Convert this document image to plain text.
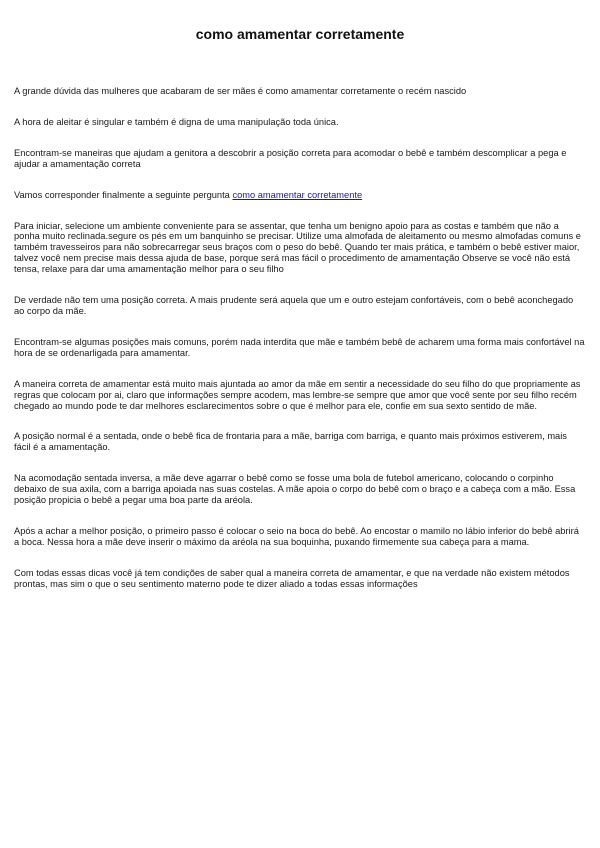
como amamentar corretamente

A grande dúvida das mulheres que acabaram de ser mães é como amamentar corretamente o recém nascido

A hora de aleitar é singular e também é digna de uma manipulação toda única.

Encontram-se maneiras que ajudam a genitora a descobrir a posição correta para acomodar o bebê e também descomplicar a pega e ajudar a amamentação correta

Vamos corresponder finalmente a seguinte pergunta como amamentar corretamente

Para iniciar, selecione um ambiente conveniente para se assentar, que tenha um benigno apoio para as costas e também que não a ponha muito reclinada.segure os pés em um banquinho se precisar. Utilize uma almofada de aleitamento ou mesmo almofadas comuns e também travesseiros para não sobrecarregar seus braços com o peso do bebê. Quando ter mais prática, e também o bebê estiver maior, talvez você nem precise mais dessa ajuda de base, porque será mas fácil o procedimento de amamentação Observe se você não está tensa, relaxe para dar uma amamentação melhor para o seu filho

De verdade não tem uma posição correta. A mais prudente será aquela que um e outro estejam confortáveis, com o bebê aconchegado ao corpo da mãe.

Encontram-se algumas posições mais comuns, porém nada interdita que mãe e também bebê de acharem uma forma mais confortável na hora de se ordenarligada para amamentar.

A maneira correta de amamentar está muito mais ajuntada ao amor da mãe em sentir a necessidade do seu filho do que propriamente as regras que colocam por ai, claro que informações sempre acodem, mas lembre-se sempre que amor que você sente por seu filho recém chegado ao mundo pode te dar melhores esclarecimentos sobre o que é melhor para ele, confie em sua sexto sentido de mãe.

A posição normal é a sentada, onde o bebê fica de frontaria para a mãe, barriga com barriga, e quanto mais próximos estiverem, mais fácil é a amamentação.

Na acomodação sentada inversa, a mãe deve agarrar o bebê como se fosse uma bola de futebol americano, colocando o corpinho debaixo de sua axila, com a barriga apoiada nas suas costelas. A mãe apoia o corpo do bebê com o braço e a cabeça com a mão. Essa posição propicia o bebê a pegar uma boa parte da aréola.

Após a achar a melhor posição, o primeiro passo é colocar o seio na boca do bebê. Ao encostar o mamilo no lábio inferior do bebê abrirá a boca. Nessa hora a mãe deve inserir o máximo da aréola na sua boquinha, puxando firmemente sua cabeça para a mama.

Com todas essas dicas você já tem condições de saber qual a maneira correta de amamentar, e que na verdade não existem métodos prontas, mas sim o que o seu sentimento materno pode te dizer aliado a todas essas informações
